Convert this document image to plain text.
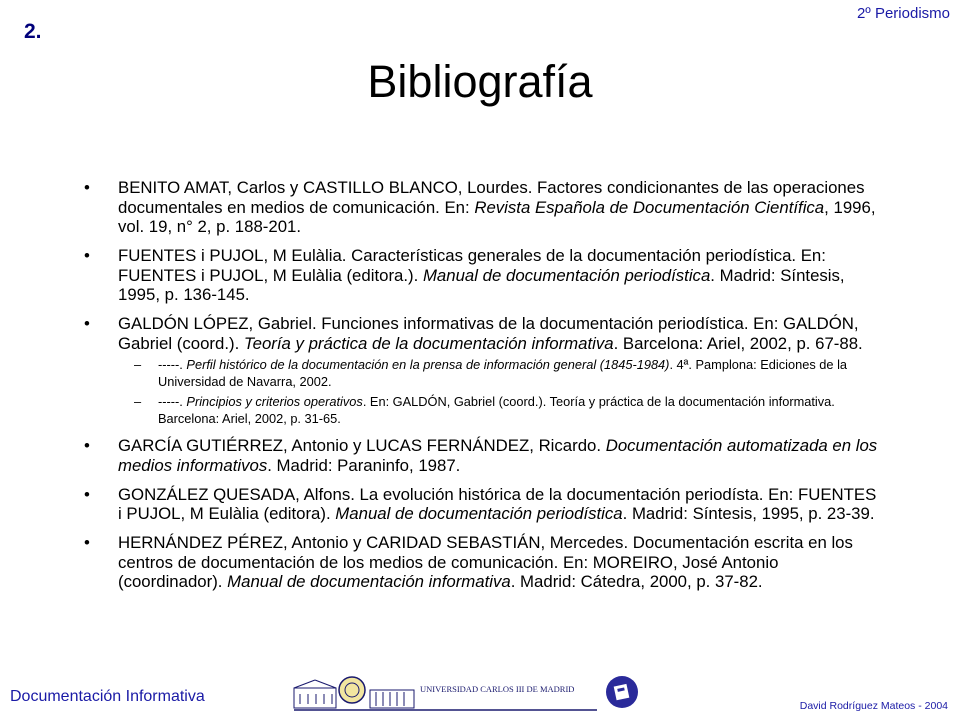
2.
2º Periodismo
Bibliografía
• BENITO AMAT, Carlos y CASTILLO BLANCO, Lourdes. Factores condicionantes de las operaciones documentales en medios de comunicación. En: Revista Española de Documentación Científica, 1996, vol. 19, n° 2, p. 188-201.
• FUENTES i PUJOL, M Eulàlia. Características generales de la documentación periodística. En: FUENTES i PUJOL, M Eulàlia (editora.). Manual de documentación periodística. Madrid: Síntesis, 1995, p. 136-145.
• GALDÓN LÓPEZ, Gabriel. Funciones informativas de la documentación periodística. En: GALDÓN, Gabriel (coord.). Teoría y práctica de la documentación informativa. Barcelona: Ariel, 2002, p. 67-88.
– -----. Perfil histórico de la documentación en la prensa de información general (1845-1984). 4ª. Pamplona: Ediciones de la Universidad de Navarra, 2002.
– -----. Principios y criterios operativos. En: GALDÓN, Gabriel (coord.). Teoría y práctica de la documentación informativa. Barcelona: Ariel, 2002, p. 31-65.
• GARCÍA GUTIÉRREZ, Antonio y LUCAS FERNÁNDEZ, Ricardo. Documentación automatizada en los medios informativos. Madrid: Paraninfo, 1987.
• GONZÁLEZ QUESADA, Alfons. La evolución histórica de la documentación periodísta. En: FUENTES i PUJOL, M Eulàlia (editora). Manual de documentación periodística. Madrid: Síntesis, 1995, p. 23-39.
• HERNÁNDEZ PÉREZ, Antonio y CARIDAD SEBASTIÁN, Mercedes. Documentación escrita en los centros de documentación de los medios de comunicación. En: MOREIRO, José Antonio (coordinador). Manual de documentación informativa. Madrid: Cátedra, 2000, p. 37-82.
Documentación Informativa	UNIVERSIDAD CARLOS III DE MADRID
David Rodríguez Mateos - 2004
